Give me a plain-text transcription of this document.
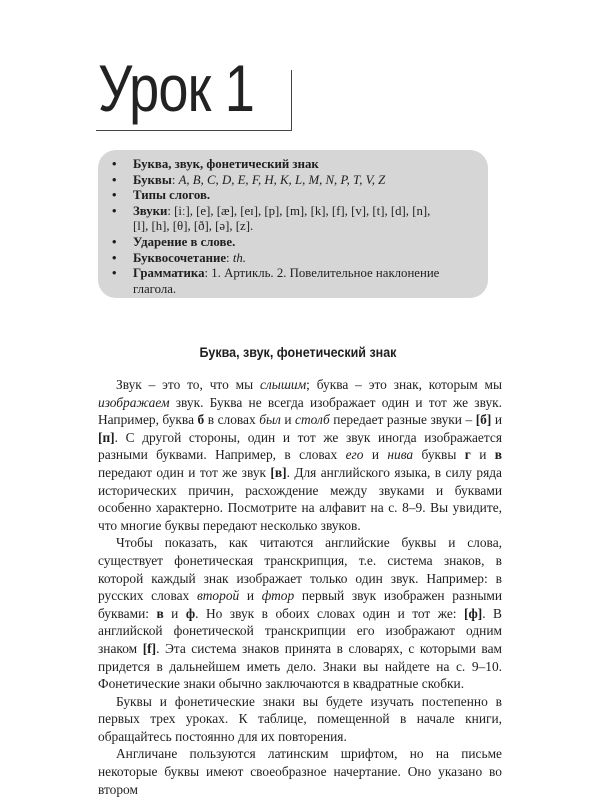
Урок 1
• Буква, звук, фонетический знак
• Буквы: A, B, C, D, E, F, H, K, L, M, N, P, T, V, Z
• Типы слогов.
• Звуки: [iː], [e], [æ], [eɪ], [p], [m], [k], [f], [v], [t], [d], [n], [l], [h], [θ], [ð], [ə], [z].
• Ударение в слове.
• Буквосочетание: th.
• Грамматика: 1. Артикль. 2. Повелительное наклонение глагола.
Буква, звук, фонетический знак

Звук – это то, что мы слышим; буква – это знак, которым мы изображаем звук. Буква не всегда изображает один и тот же звук. Например, буква б в словах был и столб передает разные звуки – [б] и [п]. С другой стороны, один и тот же звук иногда изображается разными буквами. Например, в словах его и нива буквы г и в передают один и тот же звук [в]. Для английского языка, в силу ряда исторических причин, расхождение между звуками и буквами особенно характерно. Посмотрите на алфавит на с. 8–9. Вы увидите, что многие буквы передают несколько звуков.

Чтобы показать, как читаются английские буквы и слова, существует фонетическая транскрипция, т.е. система знаков, в которой каждый знак изображает только один звук. Например: в русских словах второй и фтор первый звук изображен разными буквами: в и ф. Но звук в обоих словах один и тот же: [ф]. В английской фонетической транскрипции его изображают одним знаком [f]. Эта система знаков принята в словарях, с которыми вам придется в дальнейшем иметь дело. Знаки вы найдете на с. 9–10. Фонетические знаки обычно заключаются в квадратные скобки.

Буквы и фонетические знаки вы будете изучать постепенно в первых трех уроках. К таблице, помещенной в начале книги, обращайтесь постоянно для их повторения.

Англичане пользуются латинским шрифтом, но на письме некоторые буквы имеют своеобразное начертание. Оно указано во втором
